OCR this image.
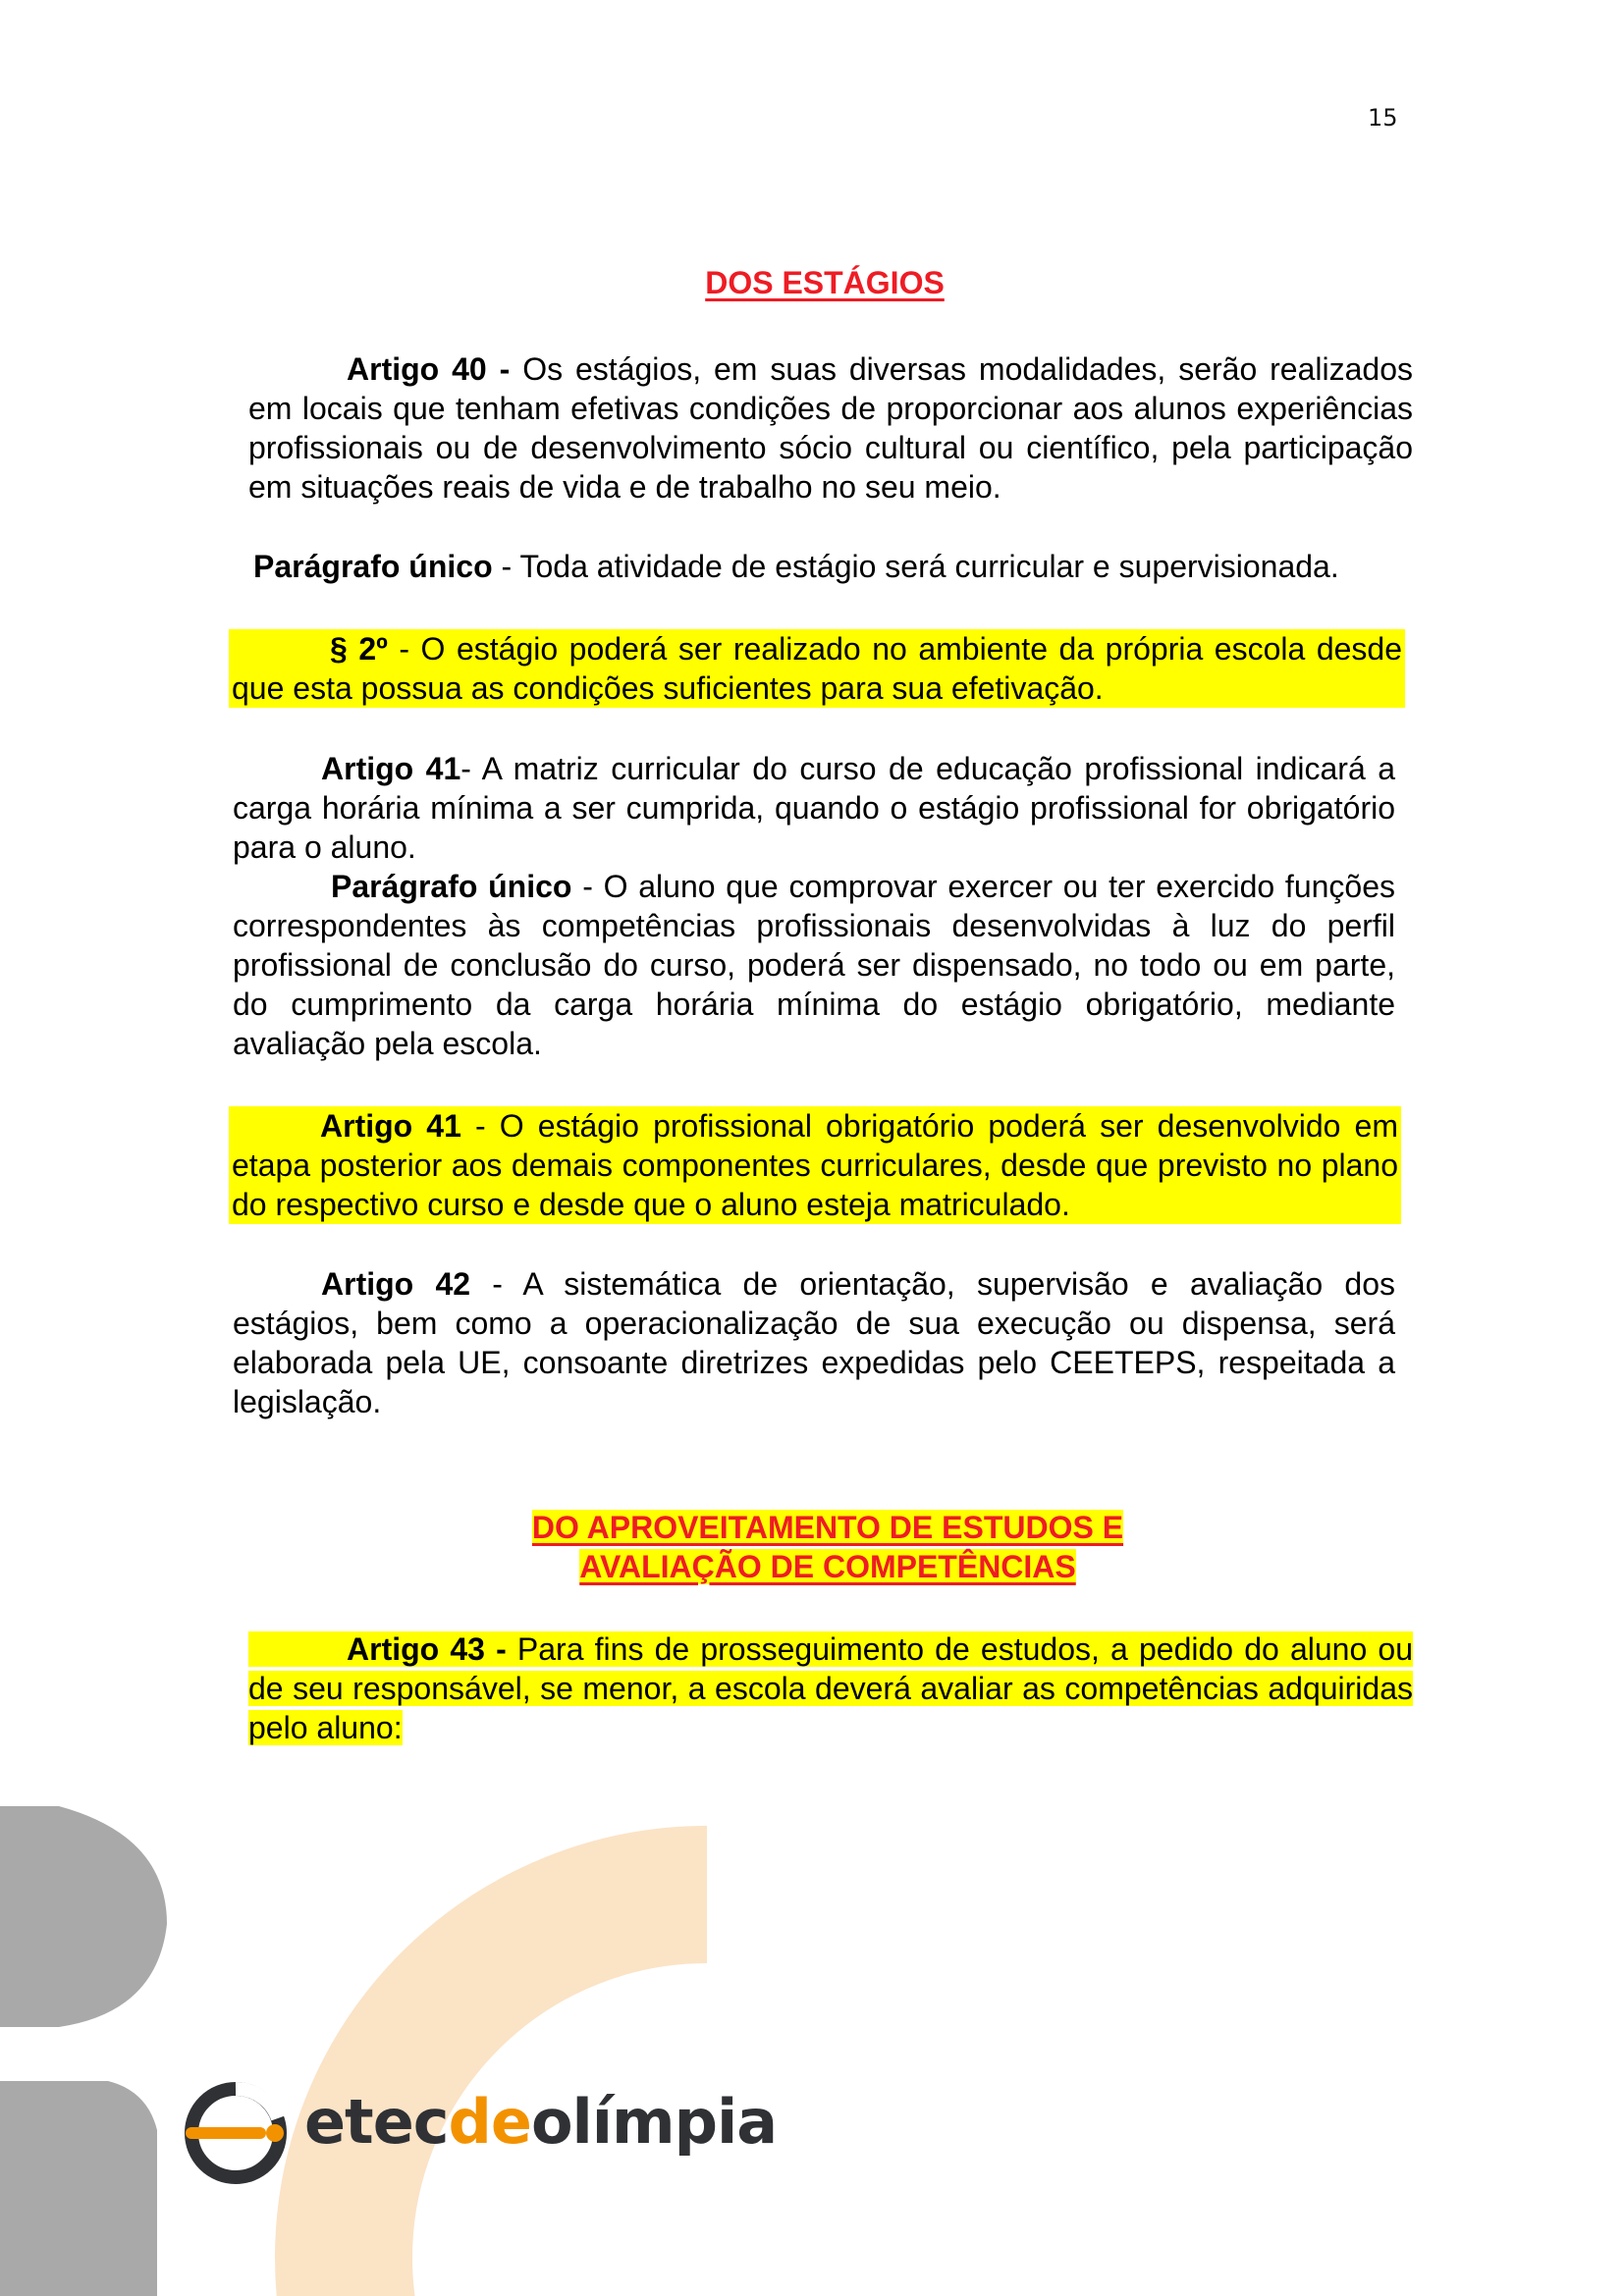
15
DOS ESTÁGIOS
Artigo 40 - Os estágios, em suas diversas modalidades, serão realizados em locais que tenham efetivas condições de proporcionar aos alunos experiências profissionais ou de desenvolvimento sócio cultural ou científico, pela participação em situações reais de vida e de trabalho no seu meio.
Parágrafo único - Toda atividade de estágio será curricular e supervisionada.
§ 2º - O estágio poderá ser realizado no ambiente da própria escola desde que esta possua as condições suficientes para sua efetivação.
Artigo 41- A matriz curricular do curso de educação profissional indicará a carga horária mínima a ser cumprida, quando o estágio profissional for obrigatório para o aluno.
Parágrafo único - O aluno que comprovar exercer ou ter exercido funções correspondentes às competências profissionais desenvolvidas à luz do perfil profissional de conclusão do curso, poderá ser dispensado, no todo ou em parte, do cumprimento da carga horária mínima do estágio obrigatório, mediante avaliação pela escola.
Artigo 41 - O estágio profissional obrigatório poderá ser desenvolvido em etapa posterior aos demais componentes curriculares, desde que previsto no plano do respectivo curso e desde que o aluno esteja matriculado.
Artigo 42 - A sistemática de orientação, supervisão e avaliação dos estágios, bem como a operacionalização de sua execução ou dispensa, será elaborada pela UE, consoante diretrizes expedidas pelo CEETEPS, respeitada a legislação.
DO APROVEITAMENTO DE ESTUDOS E
AVALIAÇÃO DE COMPETÊNCIAS
Artigo 43 - Para fins de prosseguimento de estudos, a pedido do aluno ou de seu responsável, se menor, a escola deverá avaliar as competências adquiridas pelo aluno:
etecdeolímpia
